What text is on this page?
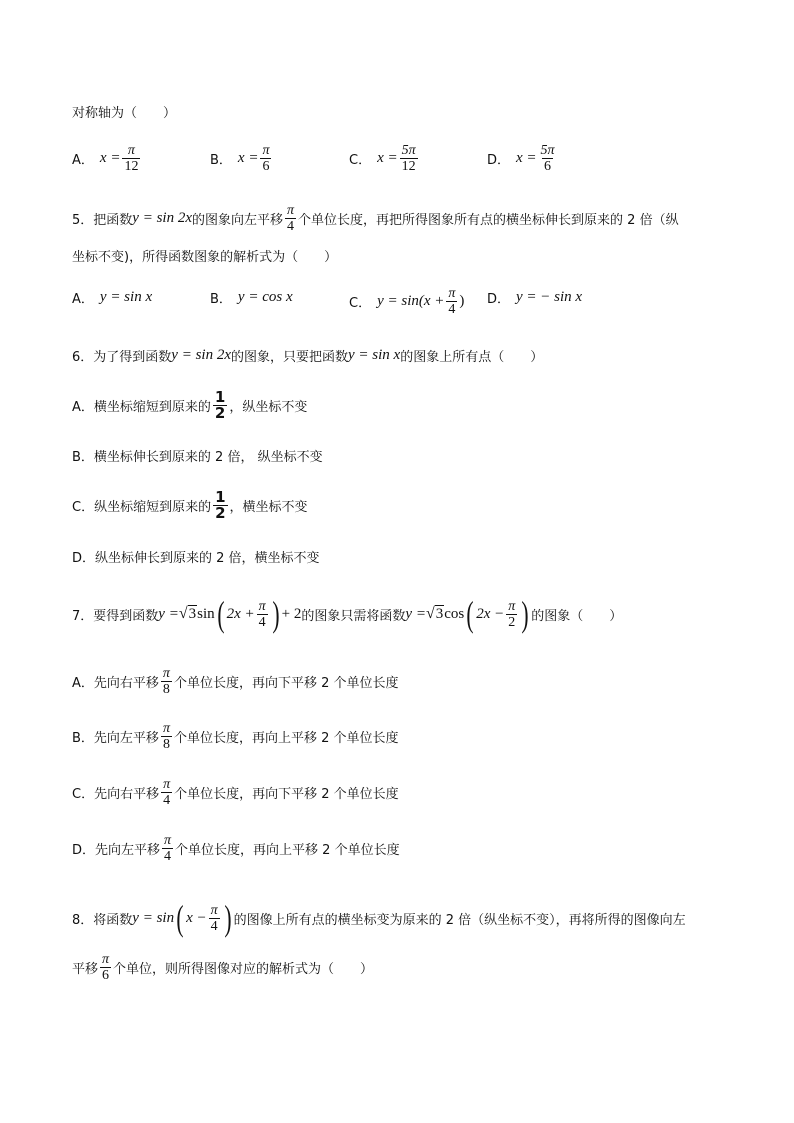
对称轴为（　　）
A． $x = \frac{\pi}{12}$	B． $x = \frac{\pi}{6}$	C． $x = \frac{5\pi}{12}$	D． $x = \frac{5\pi}{6}$
5． 把函数 y = sin 2x 的图象向左平移 $\frac{\pi}{4}$ 个单位长度，再把所得图象所有点的横坐标伸长到原来的 2 倍（纵
坐标不变)，所得函数图象的解析式为（　　）
A． y = sin x	B． y = cos x	C． $y = \sin(x + \frac{\pi}{4}$ ) D． y = − sin x
6． 为了得到函数 y = sin 2x 的图象，只要把函数 y = sin x 的图象上所有点（　　）
A． 横坐标缩短到原来的 $\frac{1}{2}$ ，纵坐标不变
B． 横坐标伸长到原来的 2 倍， 纵坐标不变
C． 纵坐标缩短到原来的 $\frac{1}{2}$ ，横坐标不变
D． 纵坐标伸长到原来的 2 倍，横坐标不变
7． 要得到函数 y = √ 3 sin ( $2x + \frac{\pi}{4}$ ) + 2 的图象只需将函数 y = √ 3 cos ( $2x - \frac{\pi}{2}$ ) 的图象（　　）
A． 先向右平移 $\frac{\pi}{8}$ 个单位长度，再向下平移 2 个单位长度
B． 先向左平移 $\frac{\pi}{8}$ 个单位长度，再向上平移 2 个单位长度
C． 先向右平移 $\frac{\pi}{4}$ 个单位长度，再向下平移 2 个单位长度
D． 先向左平移 $\frac{\pi}{4}$ 个单位长度，再向上平移 2 个单位长度
8． 将函数 y = sin ( $x - \frac{\pi}{4}$ ) 的图像上所有点的横坐标变为原来的 2 倍（纵坐标不变），再将所得的图像向左
平移 $\frac{\pi}{6}$ 个单位，则所得图像对应的解析式为（　　）
